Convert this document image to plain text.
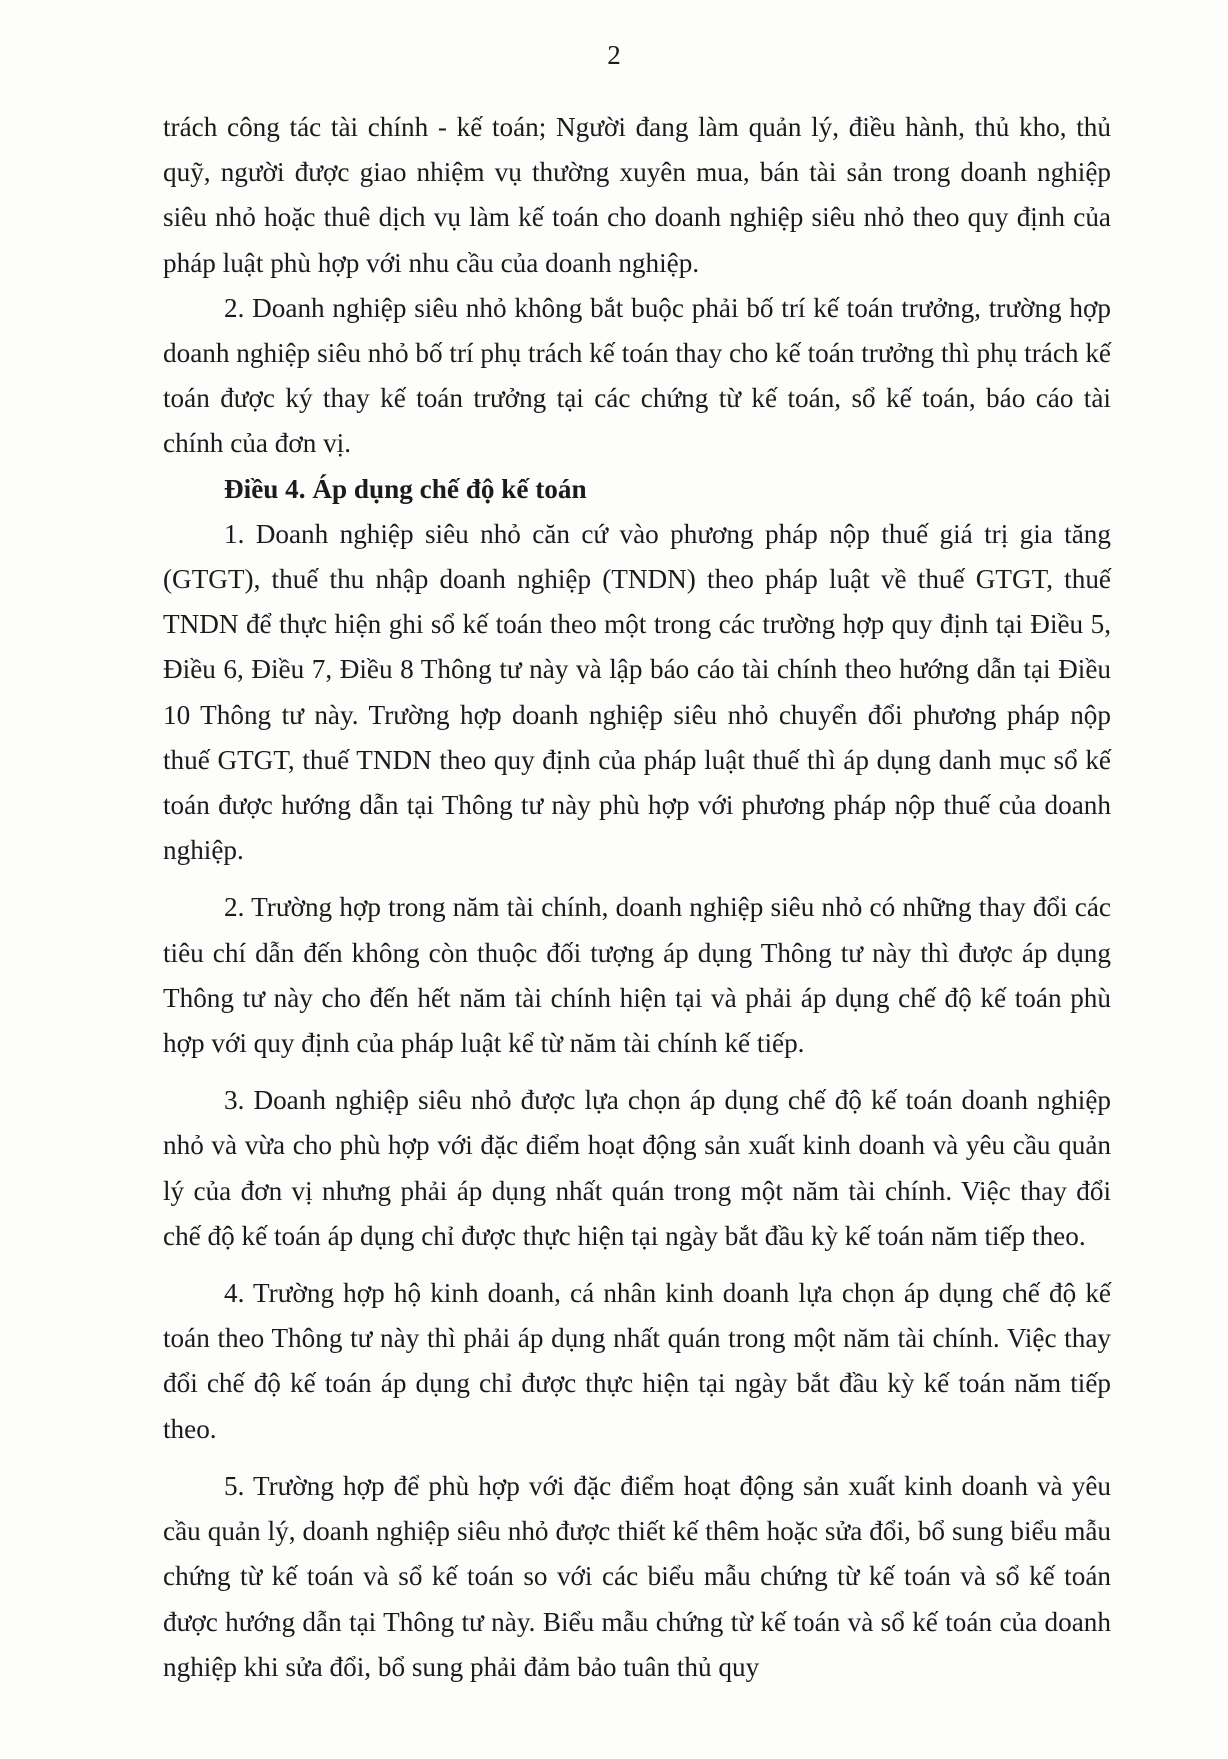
2

trách công tác tài chính - kế toán; Người đang làm quản lý, điều hành, thủ kho, thủ quỹ, người được giao nhiệm vụ thường xuyên mua, bán tài sản trong doanh nghiệp siêu nhỏ hoặc thuê dịch vụ làm kế toán cho doanh nghiệp siêu nhỏ theo quy định của pháp luật phù hợp với nhu cầu của doanh nghiệp.

2. Doanh nghiệp siêu nhỏ không bắt buộc phải bố trí kế toán trưởng, trường hợp doanh nghiệp siêu nhỏ bố trí phụ trách kế toán thay cho kế toán trưởng thì phụ trách kế toán được ký thay kế toán trưởng tại các chứng từ kế toán, sổ kế toán, báo cáo tài chính của đơn vị.

Điều 4. Áp dụng chế độ kế toán

1. Doanh nghiệp siêu nhỏ căn cứ vào phương pháp nộp thuế giá trị gia tăng (GTGT), thuế thu nhập doanh nghiệp (TNDN) theo pháp luật về thuế GTGT, thuế TNDN để thực hiện ghi sổ kế toán theo một trong các trường hợp quy định tại Điều 5, Điều 6, Điều 7, Điều 8 Thông tư này và lập báo cáo tài chính theo hướng dẫn tại Điều 10 Thông tư này. Trường hợp doanh nghiệp siêu nhỏ chuyển đổi phương pháp nộp thuế GTGT, thuế TNDN theo quy định của pháp luật thuế thì áp dụng danh mục sổ kế toán được hướng dẫn tại Thông tư này phù hợp với phương pháp nộp thuế của doanh nghiệp.

2. Trường hợp trong năm tài chính, doanh nghiệp siêu nhỏ có những thay đổi các tiêu chí dẫn đến không còn thuộc đối tượng áp dụng Thông tư này thì được áp dụng Thông tư này cho đến hết năm tài chính hiện tại và phải áp dụng chế độ kế toán phù hợp với quy định của pháp luật kể từ năm tài chính kế tiếp.

3. Doanh nghiệp siêu nhỏ được lựa chọn áp dụng chế độ kế toán doanh nghiệp nhỏ và vừa cho phù hợp với đặc điểm hoạt động sản xuất kinh doanh và yêu cầu quản lý của đơn vị nhưng phải áp dụng nhất quán trong một năm tài chính. Việc thay đổi chế độ kế toán áp dụng chỉ được thực hiện tại ngày bắt đầu kỳ kế toán năm tiếp theo.

4. Trường hợp hộ kinh doanh, cá nhân kinh doanh lựa chọn áp dụng chế độ kế toán theo Thông tư này thì phải áp dụng nhất quán trong một năm tài chính. Việc thay đổi chế độ kế toán áp dụng chỉ được thực hiện tại ngày bắt đầu kỳ kế toán năm tiếp theo.

5. Trường hợp để phù hợp với đặc điểm hoạt động sản xuất kinh doanh và yêu cầu quản lý, doanh nghiệp siêu nhỏ được thiết kế thêm hoặc sửa đổi, bổ sung biểu mẫu chứng từ kế toán và sổ kế toán so với các biểu mẫu chứng từ kế toán và sổ kế toán được hướng dẫn tại Thông tư này. Biểu mẫu chứng từ kế toán và sổ kế toán của doanh nghiệp khi sửa đổi, bổ sung phải đảm bảo tuân thủ quy
